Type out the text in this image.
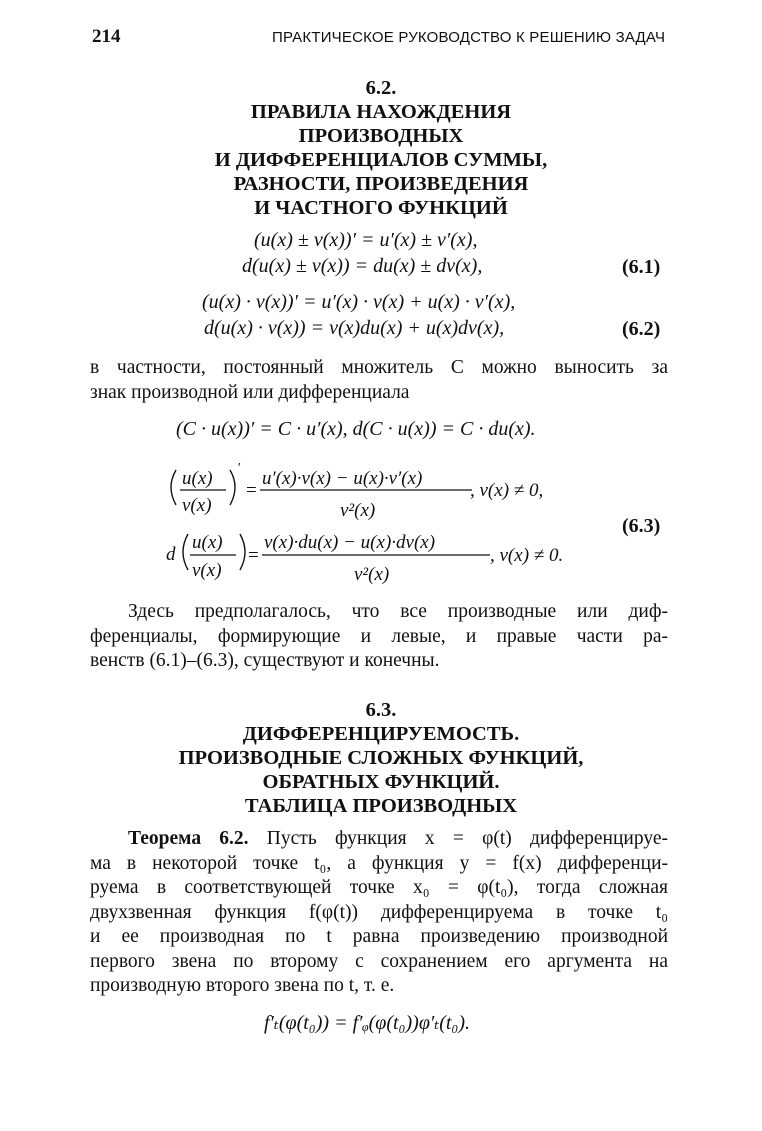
214	ПРАКТИЧЕСКОЕ РУКОВОДСТВО К РЕШЕНИЮ ЗАДАЧ
6.2.
ПРАВИЛА НАХОЖДЕНИЯ
ПРОИЗВОДНЫХ
И ДИФФЕРЕНЦИАЛОВ СУММЫ,
РАЗНОСТИ, ПРОИЗВЕДЕНИЯ
И ЧАСТНОГО ФУНКЦИЙ
(u(x) ± v(x))′ = u′(x) ± v′(x),
d(u(x) ± v(x)) = du(x) ± dv(x),	(6.1)
(u(x) · v(x))′ = u′(x) · v(x) + u(x) · v′(x),
d(u(x) · v(x)) = v(x)du(x) + u(x)dv(x),	(6.2)
в частности, постоянный множитель C можно выносить за
знак производной или дифференциала
(C · u(x))′ = C · u′(x), d(C · u(x)) = C · du(x).
u(x)
v(x)
′
=
u′(x)·v(x) − u(x)·v′(x)
v²(x)
, v(x) ≠ 0,
d
u(x)
v(x)
=
v(x)·du(x) − u(x)·dv(x)
v²(x)
, v(x) ≠ 0.
(6.3)
Здесь предполагалось, что все производные или диф-
ференциалы, формирующие и левые, и правые части ра-
венств (6.1)–(6.3), существуют и конечны.
6.3.
ДИФФЕРЕНЦИРУЕМОСТЬ.
ПРОИЗВОДНЫЕ СЛОЖНЫХ ФУНКЦИЙ,
ОБРАТНЫХ ФУНКЦИЙ.
ТАБЛИЦА ПРОИЗВОДНЫХ
Теорема 6.2. Пусть функция x = φ(t) дифференцируе-
ма в некоторой точке t₀, а функция y = f(x) дифференци-
руема в соответствующей точке x₀ = φ(t₀), тогда сложная
двухзвенная функция f(φ(t)) дифференцируема в точке t₀
и ее производная по t равна произведению производной
первого звена по второму с сохранением его аргумента на
производную второго звена по t, т. е.
f′ₜ(φ(t₀)) = f′ᵩ(φ(t₀))φ′ₜ(t₀).
